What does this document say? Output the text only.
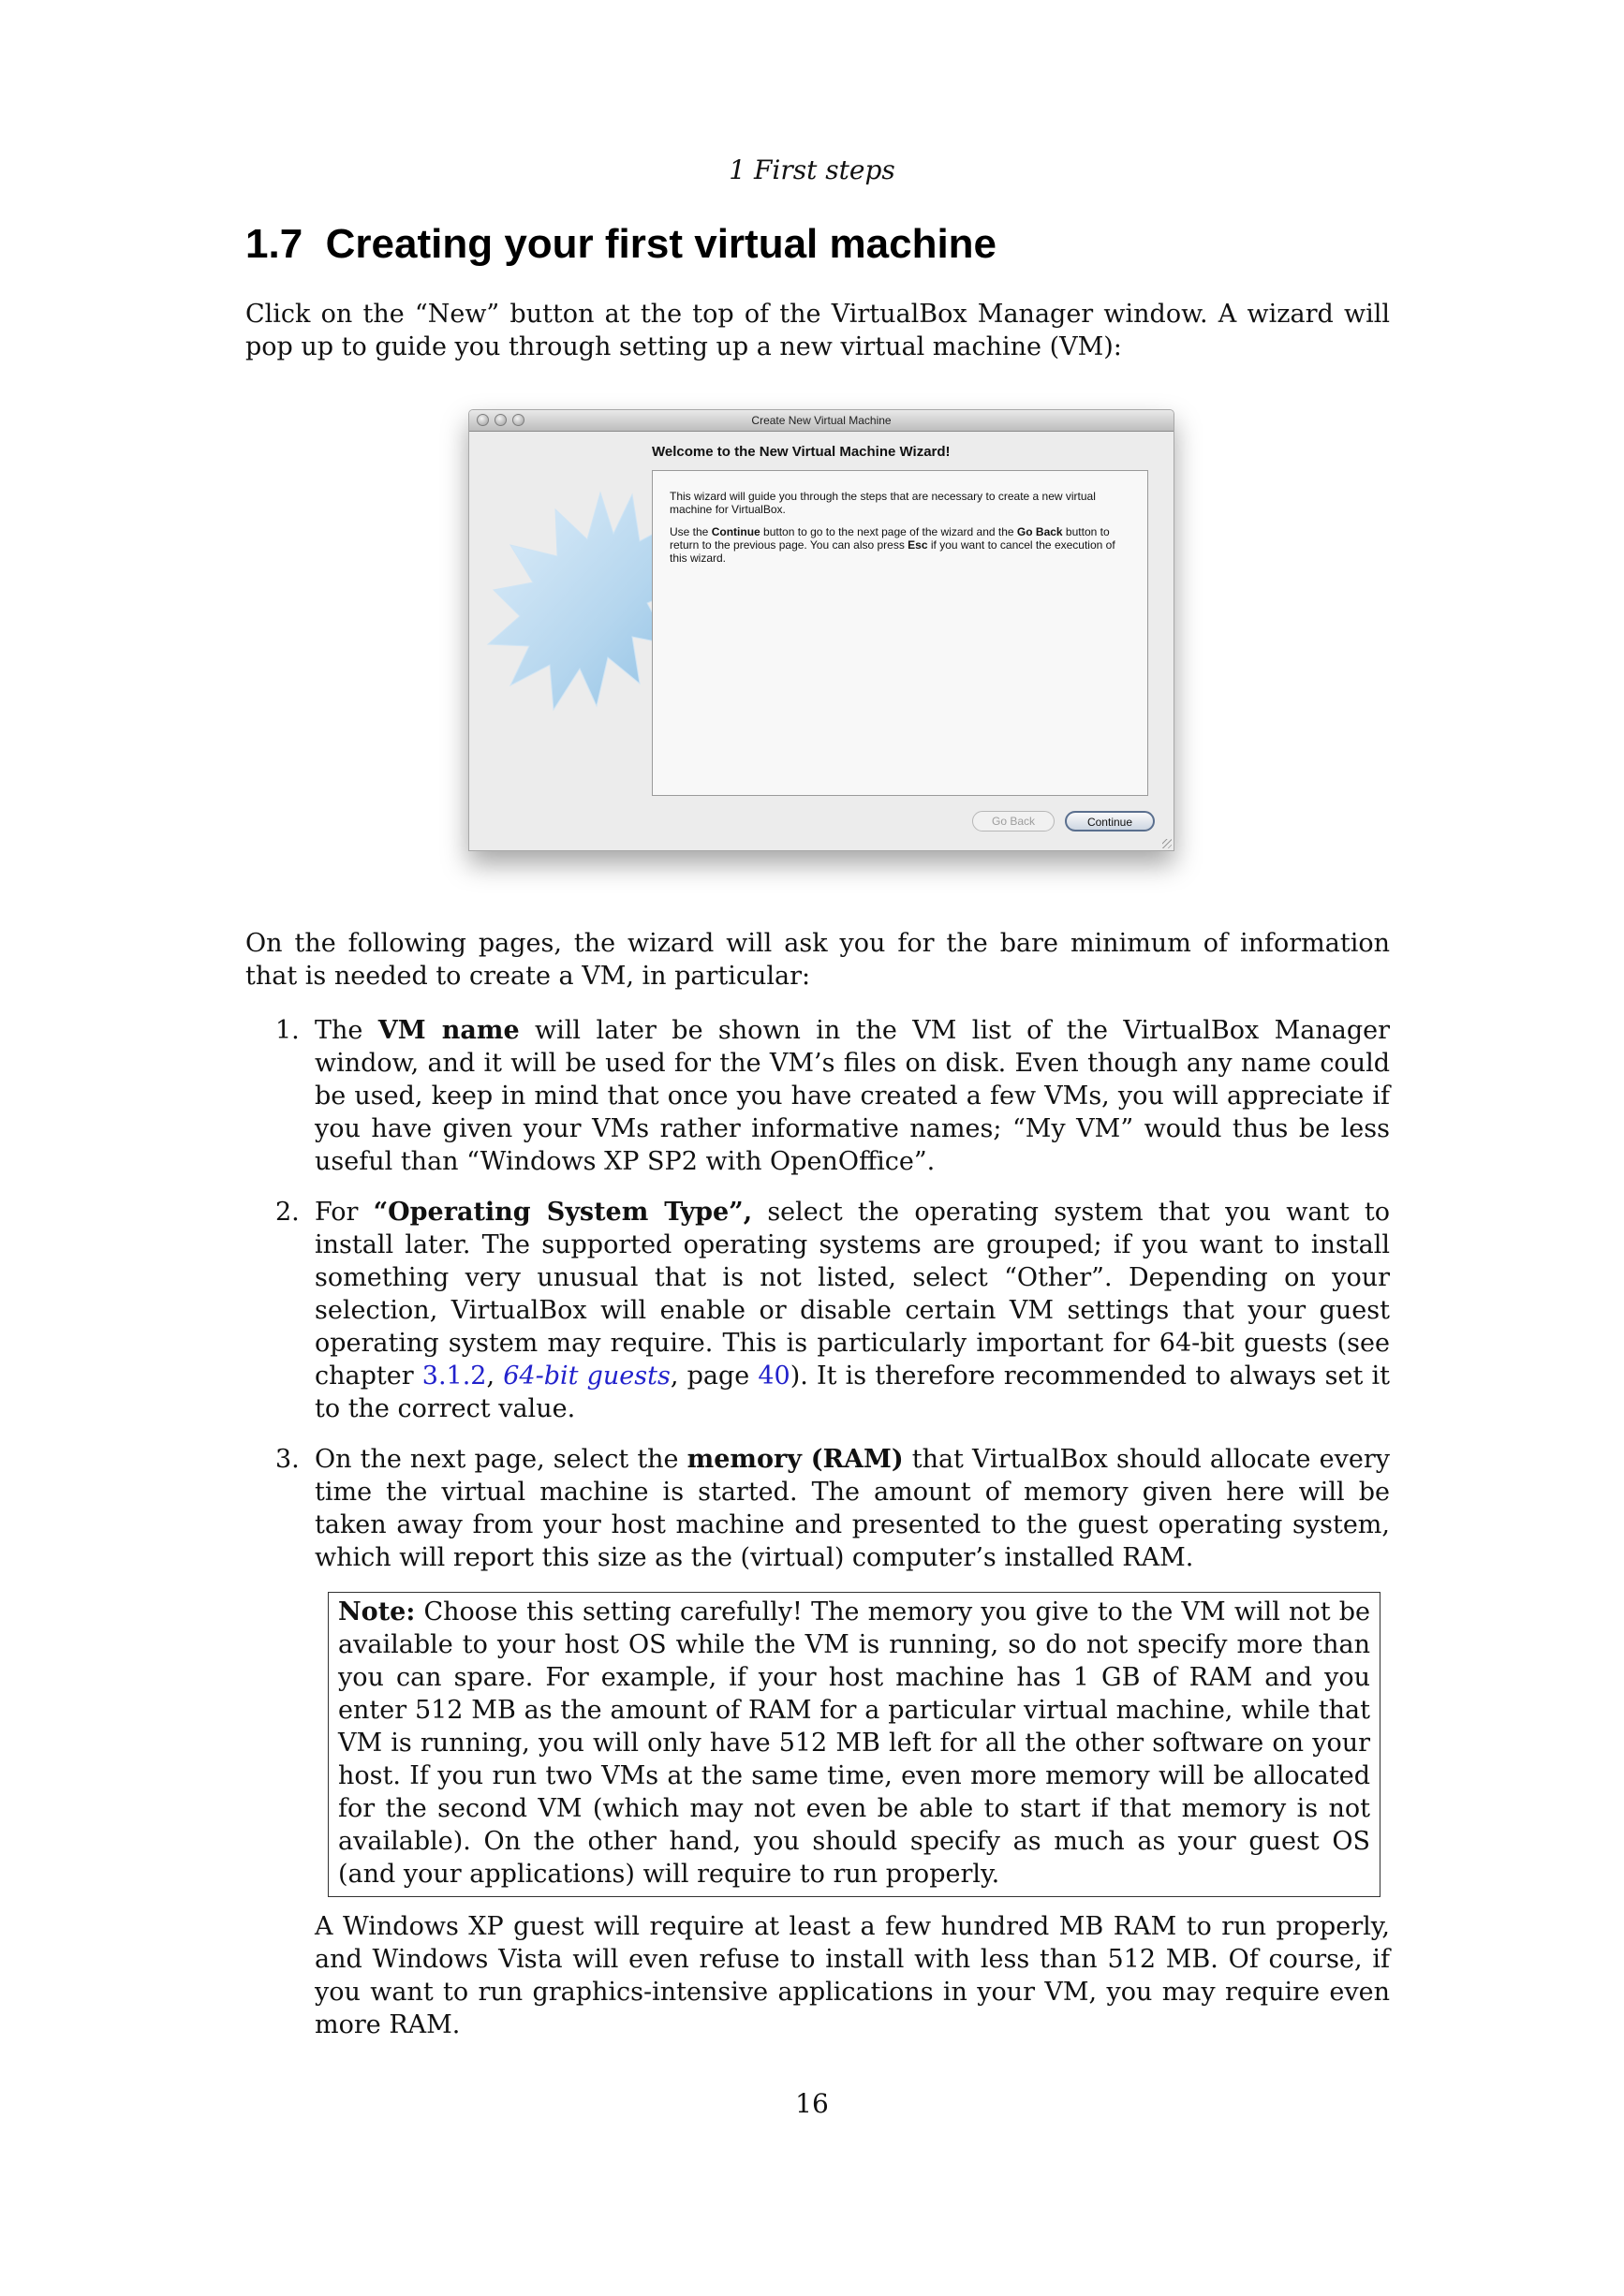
1 First steps
1.7 Creating your first virtual machine

Click on the “New” button at the top of the VirtualBox Manager window. A wizard will pop up to guide you through setting up a new virtual machine (VM):

Create New Virtual Machine
Welcome to the New Virtual Machine Wizard!

This wizard will guide you through the steps that are necessary to create a new virtual machine for VirtualBox.

Use the Continue button to go to the next page of the wizard and the Go Back button to return to the previous page. You can also press Esc if you want to cancel the execution of this wizard.

Go Back	Continue

On the following pages, the wizard will ask you for the bare minimum of information that is needed to create a VM, in particular:

1. The VM name will later be shown in the VM list of the VirtualBox Manager window, and it will be used for the VM’s files on disk. Even though any name could be used, keep in mind that once you have created a few VMs, you will appreciate if you have given your VMs rather informative names; “My VM” would thus be less useful than “Windows XP SP2 with OpenOffice”.
2. For “Operating System Type”, select the operating system that you want to install later. The supported operating systems are grouped; if you want to install something very unusual that is not listed, select “Other”. Depending on your selection, VirtualBox will enable or disable certain VM settings that your guest operating system may require. This is particularly important for 64-bit guests (see chapter 3.1.2, 64-bit guests, page 40). It is therefore recommended to always set it to the correct value.
3. On the next page, select the memory (RAM) that VirtualBox should allocate every time the virtual machine is started. The amount of memory given here will be taken away from your host machine and presented to the guest operating system, which will report this size as the (virtual) computer’s installed RAM.
Note: Choose this setting carefully! The memory you give to the VM will not be available to your host OS while the VM is running, so do not specify more than you can spare. For example, if your host machine has 1 GB of RAM and you enter 512 MB as the amount of RAM for a particular virtual machine, while that VM is running, you will only have 512 MB left for all the other software on your host. If you run two VMs at the same time, even more memory will be allocated for the second VM (which may not even be able to start if that memory is not available). On the other hand, you should specify as much as your guest OS (and your applications) will require to run properly.

A Windows XP guest will require at least a few hundred MB RAM to run properly, and Windows Vista will even refuse to install with less than 512 MB. Of course, if you want to run graphics-intensive applications in your VM, you may require even more RAM.

16
